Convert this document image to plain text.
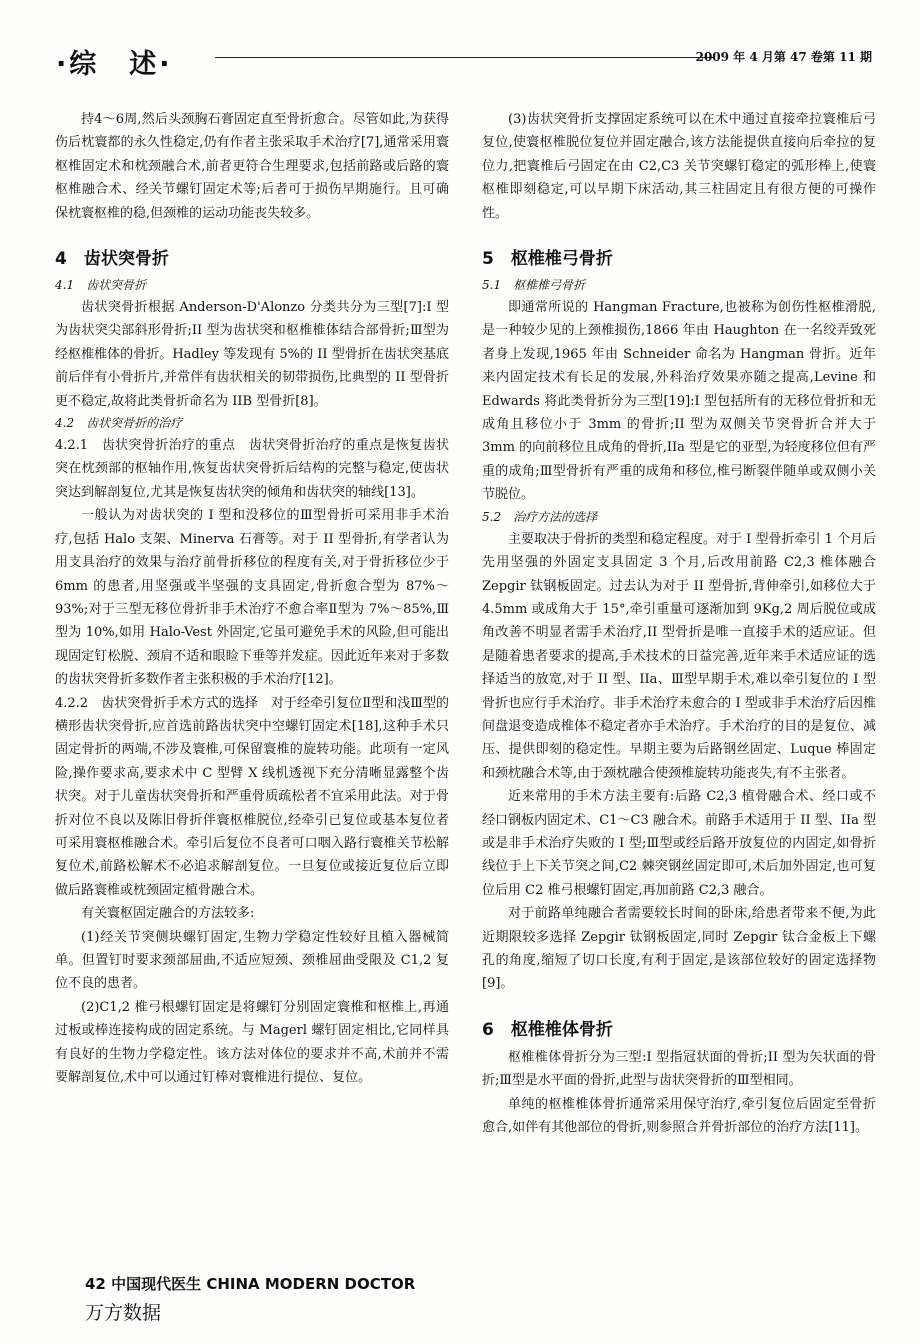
·综　述·	2009 年 4 月第 47 卷第 11 期

持4～6周,然后头颈胸石膏固定直至骨折愈合。尽管如此,为获得伤后枕寰都的永久性稳定,仍有作者主张采取手术治疗[7],通常采用寰枢椎固定术和枕颈融合术,前者更符合生理要求,包括前路或后路的寰枢椎融合术、经关节螺钉固定术等;后者可于损伤早期施行。且可确保枕寰枢椎的稳,但颈椎的运动功能丧失较多。

4　齿状突骨折
4.1　齿状突骨折

齿状突骨折根据 Anderson-D'Alonzo 分类共分为三型[7]:I 型为齿状突尖部斜形骨折;II 型为齿状突和枢椎椎体结合部骨折;Ⅲ型为经枢椎椎体的骨折。Hadley 等发现有 5%的 II 型骨折在齿状突基底前后伴有小骨折片,并常伴有齿状相关的韧带损伤,比典型的 II 型骨折更不稳定,故将此类骨折命名为 IIB 型骨折[8]。

4.2　齿状突骨折的治疗

4.2.1　齿状突骨折治疗的重点　齿状突骨折治疗的重点是恢复齿状突在枕颈部的枢轴作用,恢复齿状突骨折后结构的完整与稳定,使齿状突达到解剖复位,尤其是恢复齿状突的倾角和齿状突的轴线[13]。

一般认为对齿状突的 I 型和没移位的Ⅲ型骨折可采用非手术治疗,包括 Halo 支架、Minerva 石膏等。对于 II 型骨折,有学者认为用支具治疗的效果与治疗前骨折移位的程度有关,对于骨折移位少于 6mm 的患者,用坚强或半坚强的支具固定,骨折愈合型为 87%～93%;对于三型无移位骨折非手术治疗不愈合率Ⅱ型为 7%～85%,Ⅲ型为 10%,如用 Halo-Vest 外固定,它虽可避免手术的风险,但可能出现固定钉松脱、颈肩不适和眼睑下垂等并发症。因此近年来对于多数的齿状突骨折多数作者主张积极的手术治疗[12]。

4.2.2　齿状突骨折手术方式的选择　对于经牵引复位Ⅱ型和浅Ⅲ型的横形齿状突骨折,应首选前路齿状突中空螺钉固定术[18],这种手术只固定骨折的两端,不涉及寰椎,可保留寰椎的旋转功能。此项有一定风险,操作要求高,要求术中 C 型臂 X 线机透视下充分清晰显露整个齿状突。对于儿童齿状突骨折和严重骨质疏松者不宜采用此法。对于骨折对位不良以及陈旧骨折伴寰枢椎脱位,经牵引已复位或基本复位者可采用寰枢椎融合术。牵引后复位不良者可口咽入路行寰椎关节松解复位术,前路松解术不必追求解剖复位。一旦复位或接近复位后立即做后路寰椎或枕颈固定植骨融合术。

有关寰枢固定融合的方法较多:

(1)经关节突侧块螺钉固定,生物力学稳定性较好且植入器械简单。但置钉时要求颈部屈曲,不适应短颈、颈椎屈曲受限及 C1,2 复位不良的患者。

(2)C1,2 椎弓根螺钉固定是将螺钉分别固定寰椎和枢椎上,再通过板或棒连接构成的固定系统。与 Magerl 螺钉固定相比,它同样具有良好的生物力学稳定性。该方法对体位的要求并不高,术前并不需要解剖复位,术中可以通过钉棒对寰椎进行提位、复位。

(3)齿状突骨折支撑固定系统可以在术中通过直接牵拉寰椎后弓复位,使寰枢椎脱位复位并固定融合,该方法能提供直接向后牵拉的复位力,把寰椎后弓固定在由 C2,C3 关节突螺钉稳定的弧形棒上,使寰枢椎即刻稳定,可以早期下床活动,其三柱固定且有很方便的可操作性。

5　枢椎椎弓骨折
5.1　枢椎椎弓骨折

即通常所说的 Hangman Fracture,也被称为创伤性枢椎滑脱,是一种较少见的上颈椎损伤,1866 年由 Haughton 在一名绞弄致死者身上发现,1965 年由 Schneider 命名为 Hangman 骨折。近年来内固定技术有长足的发展,外科治疗效果亦随之提高,Levine 和 Edwards 将此类骨折分为三型[19]:I 型包括所有的无移位骨折和无成角且移位小于 3mm 的骨折;II 型为双侧关节突骨折合并大于 3mm 的向前移位且成角的骨折,IIa 型是它的亚型,为轻度移位但有严重的成角;Ⅲ型骨折有严重的成角和移位,椎弓断裂伴随单或双侧小关节脱位。

5.2　治疗方法的选择

主要取决于骨折的类型和稳定程度。对于 I 型骨折牵引 1 个月后先用坚强的外固定支具固定 3 个月,后改用前路 C2,3 椎体融合 Zepgir 钛钢板固定。过去认为对于 II 型骨折,背伸牵引,如移位大于 4.5mm 或成角大于 15°,牵引重量可逐渐加到 9Kg,2 周后脱位或成角改善不明显者需手术治疗,II 型骨折是唯一直接手术的适应证。但是随着患者要求的提高,手术技术的日益完善,近年来手术适应证的选择适当的放宽,对于 II 型、IIa、Ⅲ型早期手术,难以牵引复位的 I 型骨折也应行手术治疗。非手术治疗未愈合的 I 型或非手术治疗后因椎间盘退变造成椎体不稳定者亦手术治疗。手术治疗的目的是复位、减压、提供即刻的稳定性。早期主要为后路钢丝固定、Luque 棒固定和颈枕融合术等,由于颈枕融合使颈椎旋转功能丧失,有不主张者。

近来常用的手术方法主要有:后路 C2,3 植骨融合术、经口或不经口钢板内固定术、C1～C3 融合术。前路手术适用于 II 型、IIa 型或是非手术治疗失败的 I 型;Ⅲ型或经后路开放复位的内固定,如骨折线位于上下关节突之间,C2 棘突钢丝固定即可,术后加外固定,也可复位后用 C2 椎弓根螺钉固定,再加前路 C2,3 融合。

对于前路单纯融合者需要较长时间的卧床,给患者带来不便,为此近期限较多选择 Zepgir 钛钢板固定,同时 Zepgir 钛合金板上下螺孔的角度,缩短了切口长度,有利于固定,是该部位较好的固定选择物[9]。

6　枢椎椎体骨折

枢椎椎体骨折分为三型:I 型指冠状面的骨折;II 型为矢状面的骨折;Ⅲ型是水平面的骨折,此型与齿状突骨折的Ⅲ型相同。

单纯的枢椎椎体骨折通常采用保守治疗,牵引复位后固定至骨折愈合,如伴有其他部位的骨折,则参照合并骨折部位的治疗方法[11]。

42 中国现代医生 CHINA MODERN DOCTOR
万方数据
